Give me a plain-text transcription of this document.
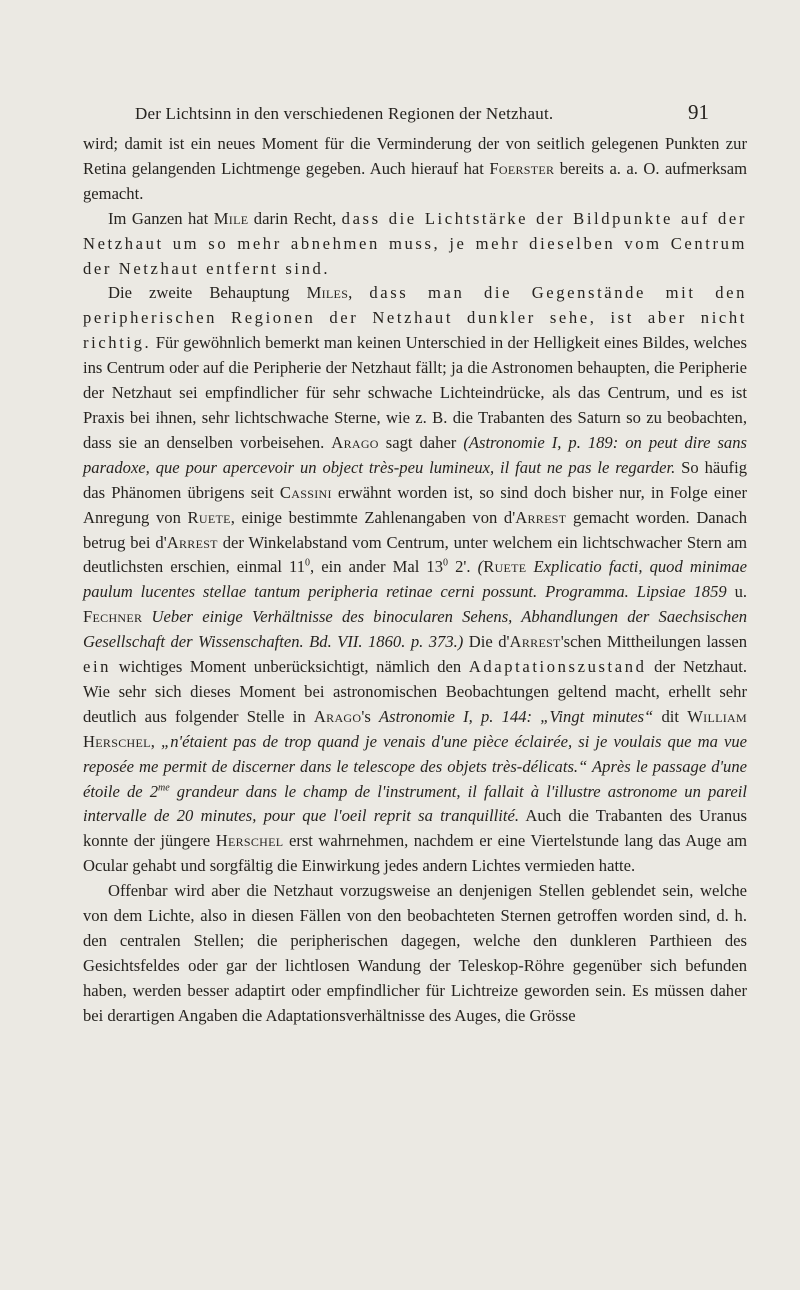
Der Lichtsinn in den verschiedenen Regionen der Netzhaut.	91

wird; damit ist ein neues Moment für die Verminderung der von seitlich gelegenen Punkten zur Retina gelangenden Lichtmenge gegeben. Auch hierauf hat Foerster bereits a. a. O. aufmerksam gemacht.

Im Ganzen hat Mile darin Recht, dass die Lichtstärke der Bildpunkte auf der Netzhaut um so mehr abnehmen muss, je mehr dieselben vom Centrum der Netzhaut entfernt sind.

Die zweite Behauptung Miles, dass man die Gegenstände mit den peripherischen Regionen der Netzhaut dunkler sehe, ist aber nicht richtig. Für gewöhnlich bemerkt man keinen Unterschied in der Helligkeit eines Bildes, welches ins Centrum oder auf die Peripherie der Netzhaut fällt; ja die Astronomen behaupten, die Peripherie der Netzhaut sei empfindlicher für sehr schwache Lichteindrücke, als das Centrum, und es ist Praxis bei ihnen, sehr lichtschwache Sterne, wie z. B. die Trabanten des Saturn so zu beobachten, dass sie an denselben vorbeisehen. Arago sagt daher (Astronomie I, p. 189: on peut dire sans paradoxe, que pour apercevoir un object très-peu lumineux, il faut ne pas le regarder. So häufig das Phänomen übrigens seit Cassini erwähnt worden ist, so sind doch bisher nur, in Folge einer Anregung von Ruete, einige bestimmte Zahlenangaben von d'Arrest gemacht worden. Danach betrug bei d'Arrest der Winkelabstand vom Centrum, unter welchem ein lichtschwacher Stern am deutlichsten erschien, einmal $11^0$, ein ander Mal $13^0$ 2'. (Ruete Explicatio facti, quod minimae paulum lucentes stellae tantum peripheria retinae cerni possunt. Programma. Lipsiae 1859 u. Fechner Ueber einige Verhältnisse des binocularen Sehens, Abhandlungen der Saechsischen Gesellschaft der Wissenschaften. Bd. VII. 1860. p. 373.) Die d'Arrest'schen Mittheilungen lassen ein wichtiges Moment unberücksichtigt, nämlich den Adaptationszustand der Netzhaut. Wie sehr sich dieses Moment bei astronomischen Beobachtungen geltend macht, erhellt sehr deutlich aus folgender Stelle in Arago's Astronomie I, p. 144: „Vingt minutes“ dit William Herschel, „n'étaient pas de trop quand je venais d'une pièce éclairée, si je voulais que ma vue reposée me permit de discerner dans le telescope des objets très-délicats.“ Après le passage d'une étoile de $2^{me}$ grandeur dans le champ de l'instrument, il fallait à l'illustre astronome un pareil intervalle de 20 minutes, pour que l'oeil reprit sa tranquillité. Auch die Trabanten des Uranus konnte der jüngere Herschel erst wahrnehmen, nachdem er eine Viertelstunde lang das Auge am Ocular gehabt und sorgfältig die Einwirkung jedes andern Lichtes vermieden hatte.

Offenbar wird aber die Netzhaut vorzugsweise an denjenigen Stellen geblendet sein, welche von dem Lichte, also in diesen Fällen von den beobachteten Sternen getroffen worden sind, d. h. den centralen Stellen; die peripherischen dagegen, welche den dunkleren Parthieen des Gesichtsfeldes oder gar der lichtlosen Wandung der Teleskop-Röhre gegenüber sich befunden haben, werden besser adaptirt oder empfindlicher für Lichtreize geworden sein. Es müssen daher bei derartigen Angaben die Adaptationsverhältnisse des Auges, die Grösse
